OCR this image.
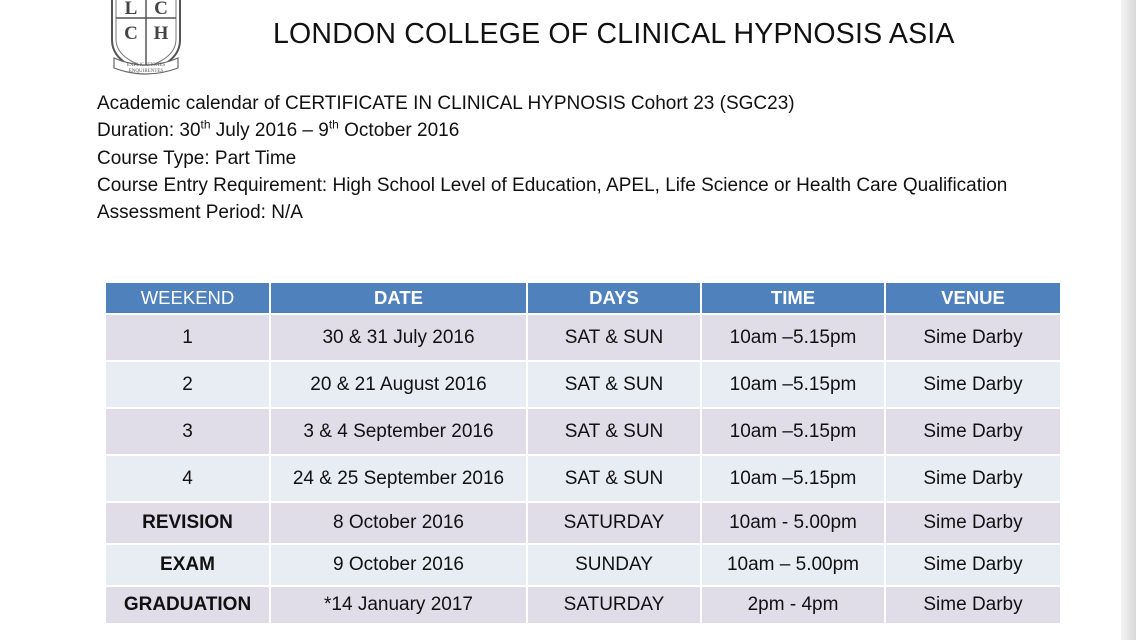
L C
C H
EXPLICATIONES
ENQUIRENTES
LONDON COLLEGE OF CLINICAL HYPNOSIS ASIA
Academic calendar of CERTIFICATE IN CLINICAL HYPNOSIS Cohort 23 (SGC23)
Duration: 30th July 2016 – 9th October 2016
Course Type: Part Time
Course Entry Requirement: High School Level of Education, APEL, Life Science or Health Care Qualification
Assessment Period: N/A
WEEKEND	DATE	DAYS	TIME	VENUE
1	30 & 31 July 2016	SAT & SUN	10am –5.15pm	Sime Darby
2	20 & 21 August 2016	SAT & SUN	10am –5.15pm	Sime Darby
3	3 & 4 September 2016	SAT & SUN	10am –5.15pm	Sime Darby
4	24 & 25 September 2016	SAT & SUN	10am –5.15pm	Sime Darby
REVISION	8 October 2016	SATURDAY	10am - 5.00pm	Sime Darby
EXAM	9 October 2016	SUNDAY	10am – 5.00pm	Sime Darby
GRADUATION	*14 January 2017	SATURDAY	2pm - 4pm	Sime Darby
